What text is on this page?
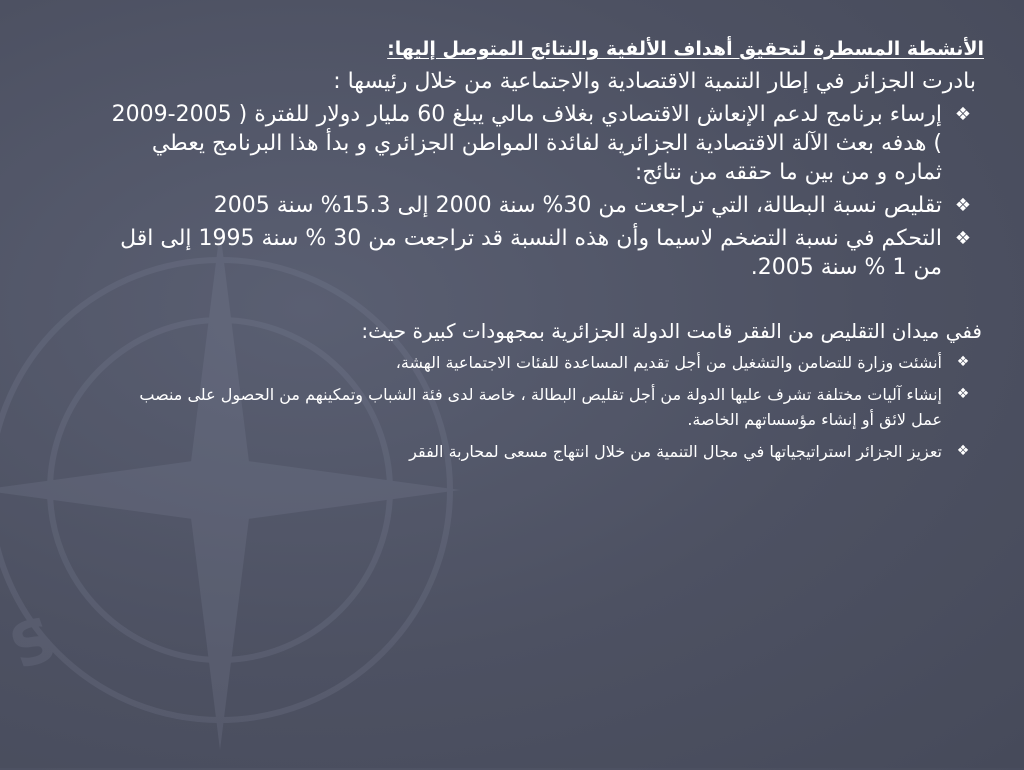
S

الأنشطة المسطرة لتحقيق أهداف الألفية والنتائج المتوصل إليها:

بادرت الجزائر في إطار التنمية الاقتصادية والاجتماعية من خلال رئيسها :

❖
إرساء برنامج لدعم الإنعاش الاقتصادي بغلاف مالي يبلغ 60 مليار دولار للفترة ( 2005-2009 ) هدفه بعث الآلة الاقتصادية الجزائرية لفائدة المواطن الجزائري و بدأ هذا البرنامج يعطي ثماره و من بين ما حققه من نتائج:
❖
تقليص نسبة البطالة، التي تراجعت من 30% سنة 2000 إلى 15.3% سنة 2005
❖
التحكم في نسبة التضخم لاسيما وأن هذه النسبة قد تراجعت من 30 % سنة 1995 إلى اقل من 1 % سنة 2005.

ففي ميدان التقليص من الفقر قامت الدولة الجزائرية بمجهودات كبيرة حيث:

❖
أنشئت وزارة للتضامن والتشغيل من أجل تقديم المساعدة للفئات الاجتماعية الهشة،
❖
إنشاء آليات مختلفة تشرف عليها الدولة من أجل تقليص البطالة ، خاصة لدى فئة الشباب وتمكينهم من الحصول على منصب عمل لائق أو إنشاء مؤسساتهم الخاصة.
❖
تعزيز الجزائر استراتيجياتها في مجال التنمية من خلال انتهاج مسعى لمحاربة الفقر
